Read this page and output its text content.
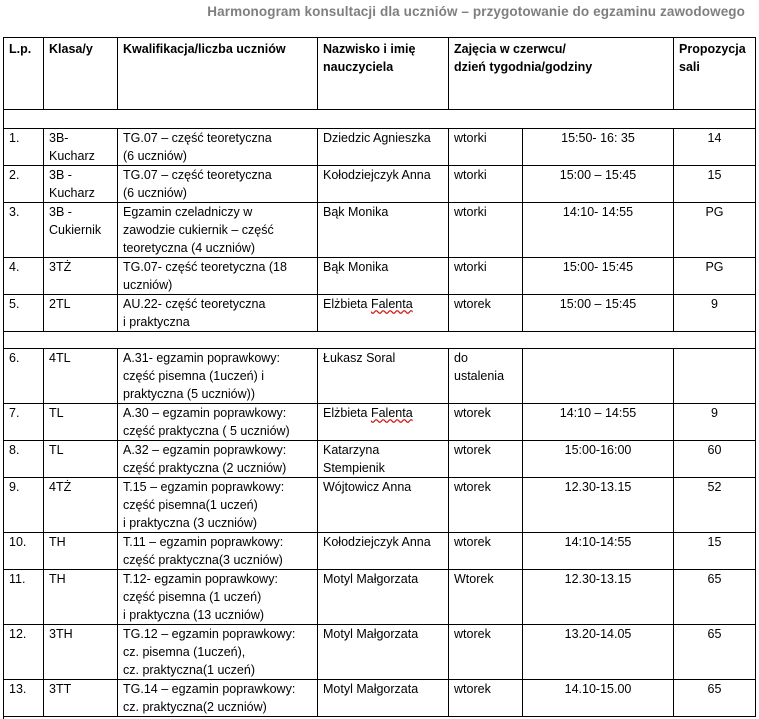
Harmonogram konsultacji dla uczniów – przygotowanie do egzaminu zawodowego
L.p.	Klasa/y	Kwalifikacja/liczba uczniów	Nazwisko i imię
nauczyciela	Zajęcia w czerwcu/
dzień tygodnia/godziny		Propozycja
sali

1.	3B-
Kucharz	TG.07 – część teoretyczna
(6 uczniów)	Dziedzic Agnieszka	wtorki	15:50- 16: 35	14
2.	3B -
Kucharz	TG.07 – część teoretyczna
(6 uczniów)	Kołodziejczyk Anna	wtorki	15:00 – 15:45	15
3.	3B -
Cukiernik	Egzamin czeladniczy w
zawodzie cukiernik – część
teoretyczna (4 uczniów)	Bąk Monika	wtorki	14:10- 14:55	PG
4.	3TŻ	TG.07- część teoretyczna (18
uczniów)	Bąk Monika	wtorki	15:00- 15:45	PG
5.	2TL	AU.22- część teoretyczna
i praktyczna	Elżbieta Falenta	wtorek	15:00 – 15:45	9

6.	4TL	A.31- egzamin poprawkowy:
część pisemna (1uczeń) i
praktyczna (5 uczniów))	Łukasz Soral	do
ustalenia		
7.	TL	A.30 – egzamin poprawkowy:
część praktyczna ( 5 uczniów)	Elżbieta Falenta	wtorek	14:10 – 14:55	9
8.	TL	A.32 – egzamin poprawkowy:
część praktyczna (2 uczniów)	Katarzyna
Stempienik	wtorek	15:00-16:00	60
9.	4TŻ	T.15 – egzamin poprawkowy:
część pisemna(1 uczeń)
i praktyczna (3 uczniów)	Wójtowicz Anna	wtorek	12.30-13.15	52
10.	TH	T.11 – egzamin poprawkowy:
część praktyczna(3 uczniów)	Kołodziejczyk Anna	wtorek	14:10-14:55	15
11.	TH	T.12- egzamin poprawkowy:
część pisemna (1 uczeń)
i praktyczna (13 uczniów)	Motyl Małgorzata	Wtorek	12.30-13.15	65
12.	3TH	TG.12 – egzamin poprawkowy:
cz. pisemna (1uczeń),
cz. praktyczna(1 uczeń)	Motyl Małgorzata	wtorek	13.20-14.05	65
13.	3TT	TG.14 – egzamin poprawkowy:
cz. praktyczna(2 uczniów)	Motyl Małgorzata	wtorek	14.10-15.00	65
